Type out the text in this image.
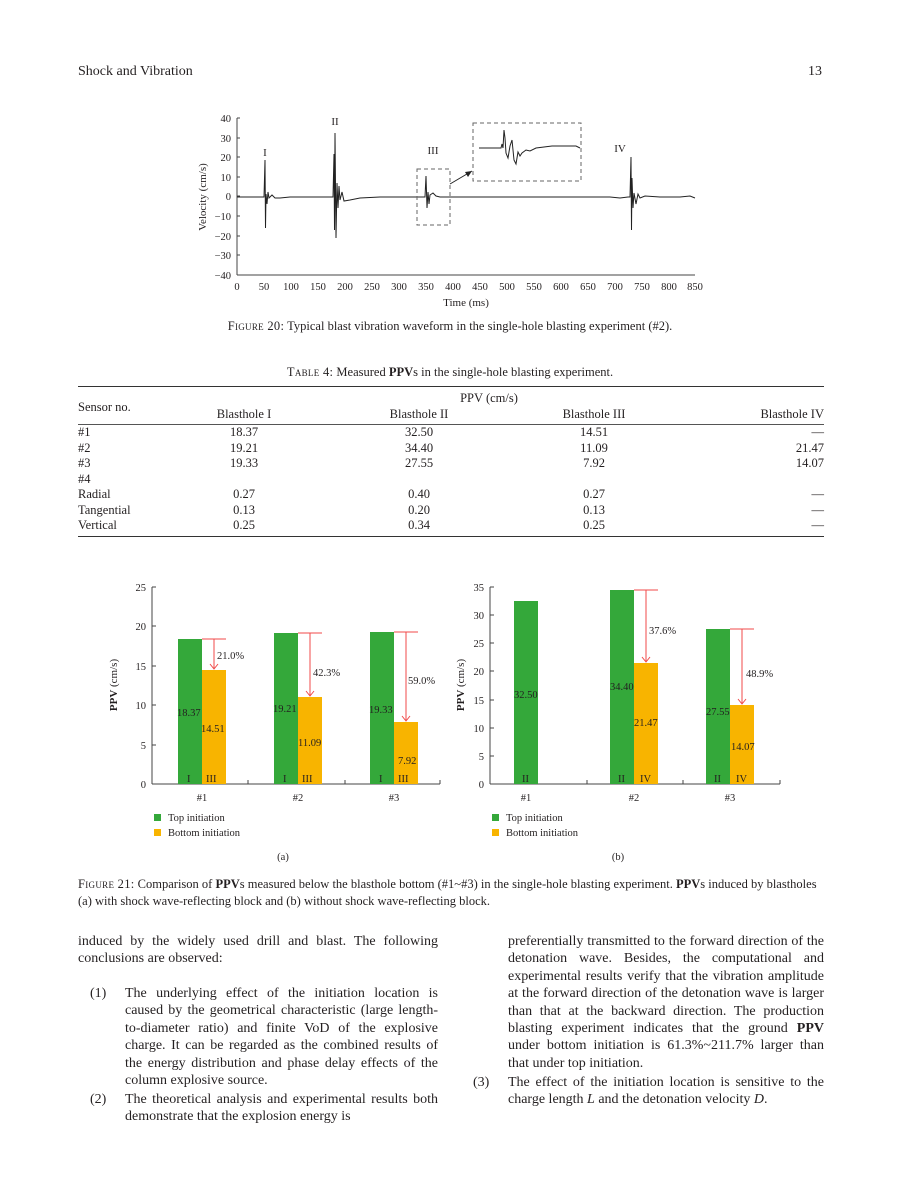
Shock and Vibration	13
40
30
20
10
0
−10
−20
−30
−40
0 50 100 150 200 250 300 350 400 450 500 550 600 650 700 750 800 850
Time (ms)
Velocity (cm/s)
I
II
III	IV
Figure 20: Typical blast vibration waveform in the single-hole blasting experiment (#2).
Table 4: Measured PPVs in the single-hole blasting experiment.
Sensor no.	PPV (cm/s)			
	Blasthole I	Blasthole II	Blasthole III	Blasthole IV
#1	18.37	32.50	14.51	—
#2	19.21	34.40	11.09	21.47
#3	19.33	27.55	7.92	14.07
#4				
Radial	0.27	0.40	0.27	—
Tangential	0.13	0.20	0.13	—
Vertical	0.25	0.34	0.25	—
25
20
15
10
5
0
PPV (cm/s)
21.0%
42.3%
59.0%
18.37
14.51
19.21
11.09
19.33
7.92
I III	I III	I III
#1	#2	#3
Top initiation
Bottom initiation
(a)
35
30
25
20
15
10
5
0
PPV (cm/s)
37.6%
48.9%
32.50
34.40
21.47
27.55
14.07
II	II IV	II IV
#1	#2	#3
Top initiation
Bottom initiation
(b)
Figure 21: Comparison of PPVs measured below the blasthole bottom (#1~#3) in the single-hole blasting experiment. PPVs induced by blastholes (a) with shock wave-reflecting block and (b) without shock wave-reflecting block.
induced by the widely used drill and blast. The following conclusions are observed:
(1) The underlying effect of the initiation location is caused by the geometrical characteristic (large length-to-diameter ratio) and finite VoD of the explosive charge. It can be regarded as the combined results of the energy distribution and phase delay effects of the column explosive source.
(2) The theoretical analysis and experimental results both demonstrate that the explosion energy is
preferentially transmitted to the forward direction of the detonation wave. Besides, the computational and experimental results verify that the vibration amplitude at the forward direction of the detonation wave is larger than that at the backward direction. The production blasting experiment indicates that the ground PPV under bottom initiation is 61.3%~211.7% larger than that under top initiation.
(3) The effect of the initiation location is sensitive to the charge length L and the detonation velocity D.
